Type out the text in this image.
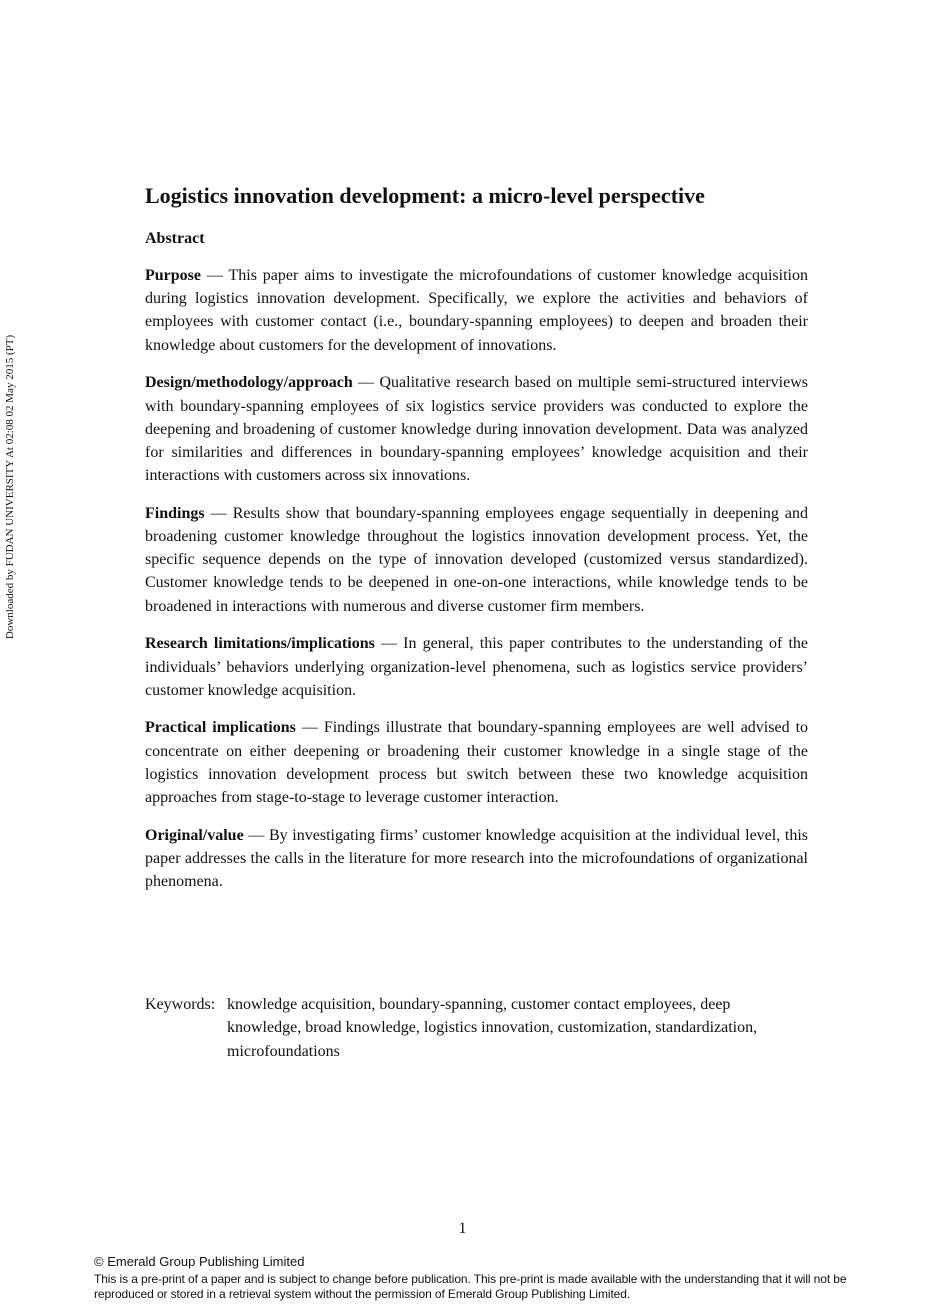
Logistics innovation development: a micro-level perspective
Abstract

Purpose — This paper aims to investigate the microfoundations of customer knowledge acquisition during logistics innovation development. Specifically, we explore the activities and behaviors of employees with customer contact (i.e., boundary-spanning employees) to deepen and broaden their knowledge about customers for the development of innovations.

Design/methodology/approach — Qualitative research based on multiple semi-structured interviews with boundary-spanning employees of six logistics service providers was conducted to explore the deepening and broadening of customer knowledge during innovation development. Data was analyzed for similarities and differences in boundary-spanning employees’ knowledge acquisition and their interactions with customers across six innovations.

Findings — Results show that boundary-spanning employees engage sequentially in deepening and broadening customer knowledge throughout the logistics innovation development process. Yet, the specific sequence depends on the type of innovation developed (customized versus standardized). Customer knowledge tends to be deepened in one-on-one interactions, while knowledge tends to be broadened in interactions with numerous and diverse customer firm members.

Research limitations/implications — In general, this paper contributes to the understanding of the individuals’ behaviors underlying organization-level phenomena, such as logistics service providers’ customer knowledge acquisition.

Practical implications — Findings illustrate that boundary-spanning employees are well advised to concentrate on either deepening or broadening their customer knowledge in a single stage of the logistics innovation development process but switch between these two knowledge acquisition approaches from stage-to-stage to leverage customer interaction.

Original/value — By investigating firms’ customer knowledge acquisition at the individual level, this paper addresses the calls in the literature for more research into the microfoundations of organizational phenomena.

Keywords: knowledge acquisition, boundary-spanning, customer contact employees, deep knowledge, broad knowledge, logistics innovation, customization, standardization, microfoundations
1
Downloaded by FUDAN UNIVERSITY At 02:08 02 May 2015 (PT)

© Emerald Group Publishing Limited

This is a pre-print of a paper and is subject to change before publication. This pre-print is made available with the understanding that it will not be reproduced or stored in a retrieval system without the permission of Emerald Group Publishing Limited.
